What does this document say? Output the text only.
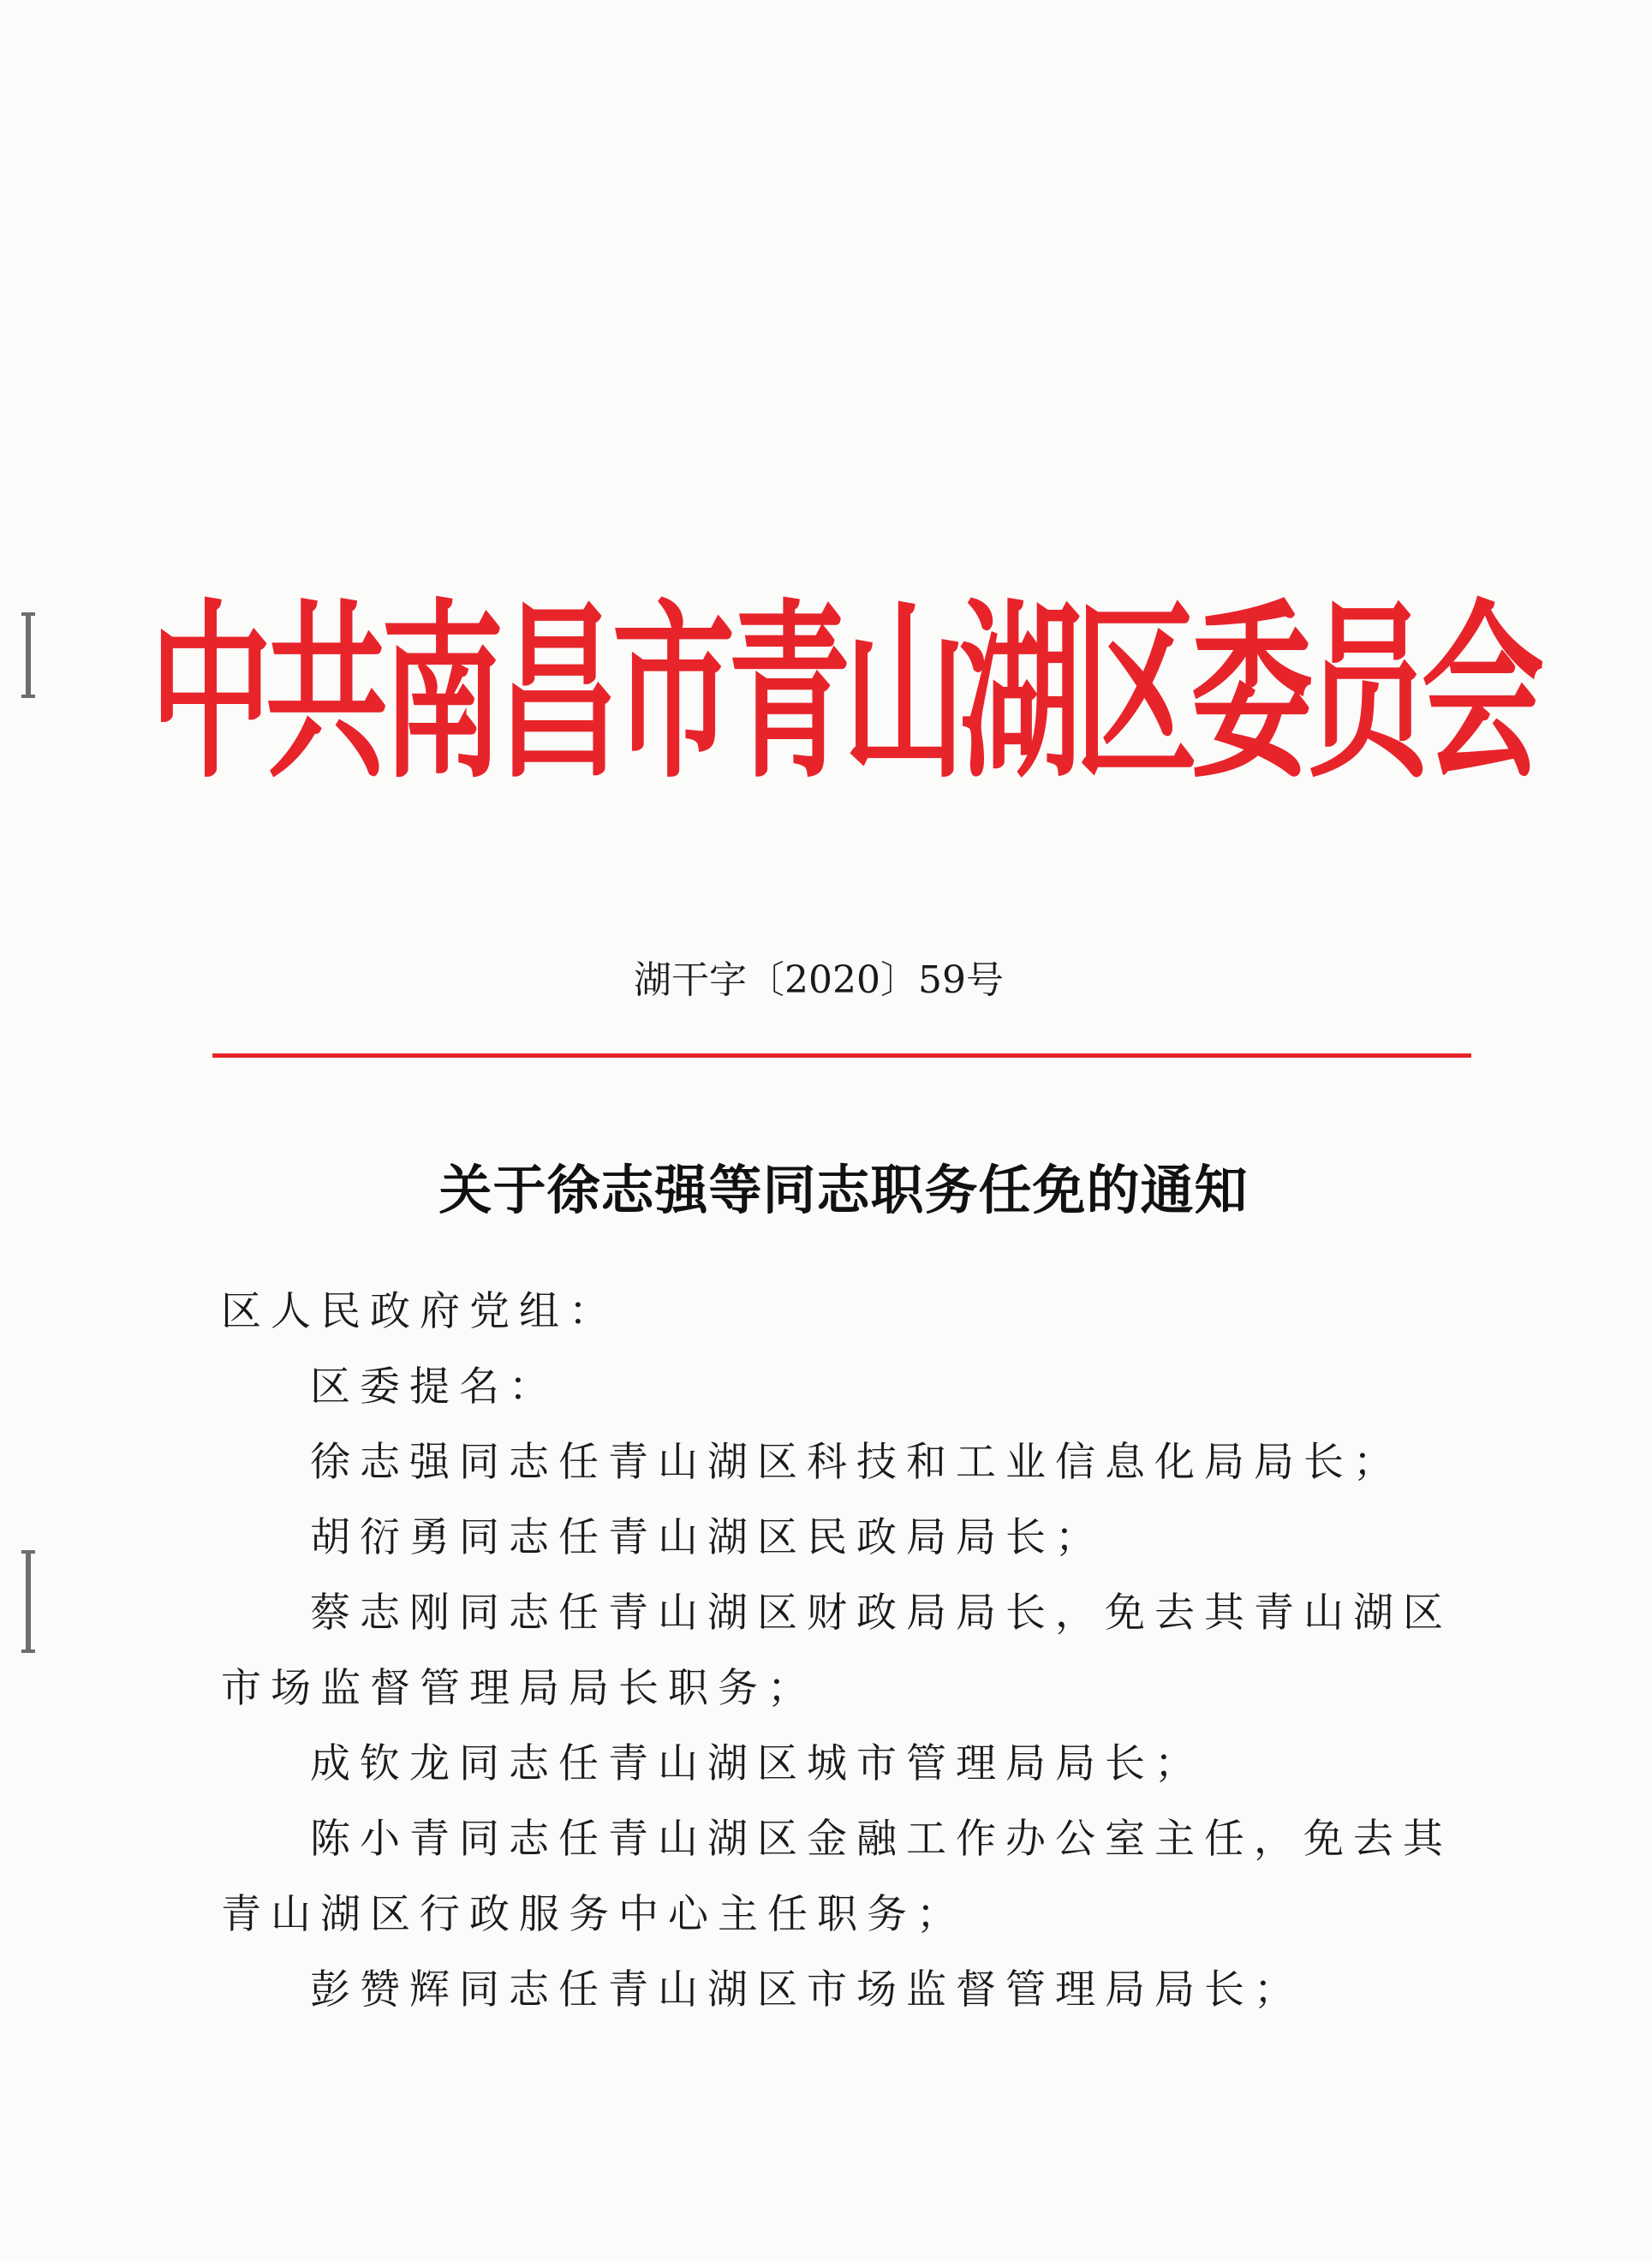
中共南昌市青山湖区委员会
湖干字〔2020〕59号
关于徐志强等同志职务任免的通知

区人民政府党组：

区委提名：

徐志强同志任青山湖区科技和工业信息化局局长；

胡衍勇同志任青山湖区民政局局长；

蔡志刚同志任青山湖区财政局局长，免去其青山湖区市场监督管理局局长职务；

成钦龙同志任青山湖区城市管理局局长；

陈小青同志任青山湖区金融工作办公室主任，免去其青山湖区行政服务中心主任职务；

彭赞辉同志任青山湖区市场监督管理局局长；
